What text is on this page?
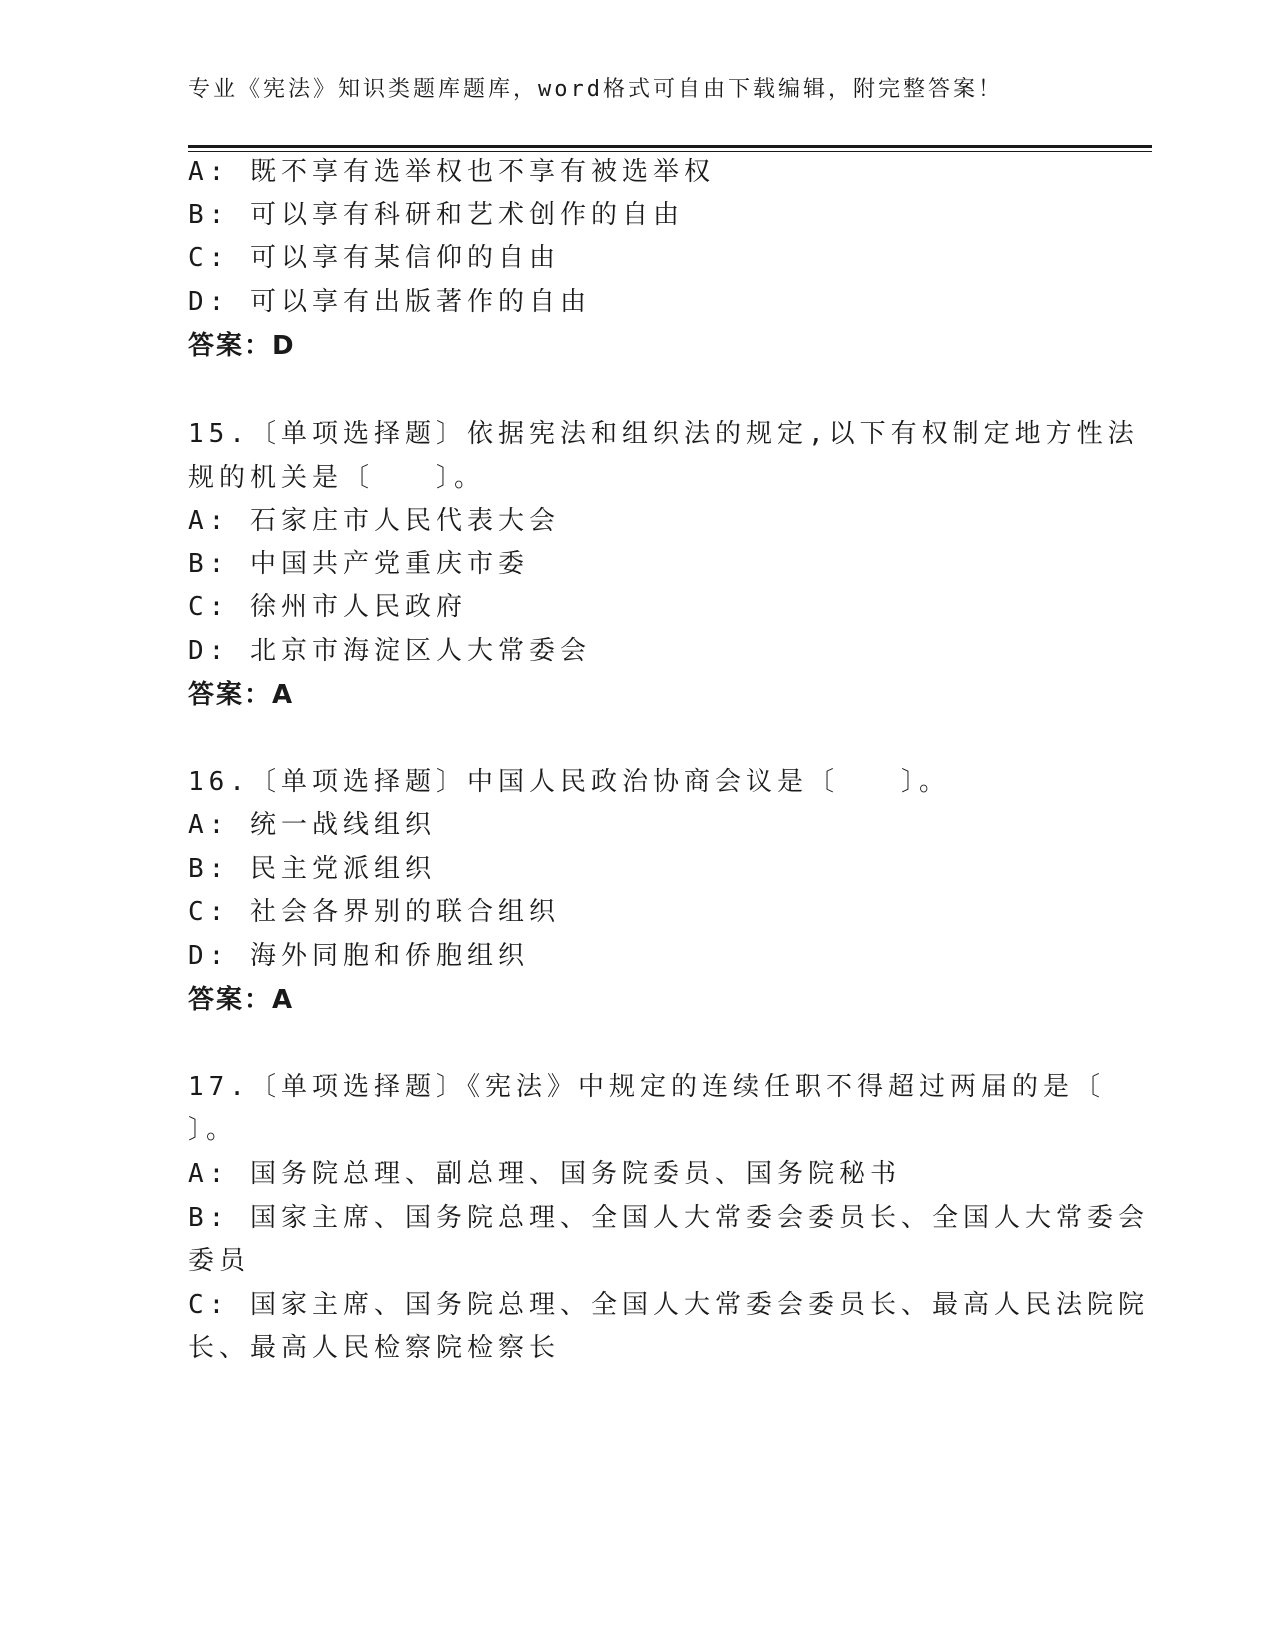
专业《宪法》知识类题库题库，word格式可自由下载编辑，附完整答案！
A: 既不享有选举权也不享有被选举权
B: 可以享有科研和艺术创作的自由
C: 可以享有某信仰的自由
D: 可以享有出版著作的自由
答案：D
15.〔单项选择题〕依据宪法和组织法的规定,以下有权制定地方性法
规的机关是〔　　〕。
A: 石家庄市人民代表大会
B: 中国共产党重庆市委
C: 徐州市人民政府
D: 北京市海淀区人大常委会
答案：A
16.〔单项选择题〕中国人民政治协商会议是〔　　〕。
A: 统一战线组织
B: 民主党派组织
C: 社会各界别的联合组织
D: 海外同胞和侨胞组织
答案：A
17.〔单项选择题〕《宪法》中规定的连续任职不得超过两届的是〔
〕。
A: 国务院总理、副总理、国务院委员、国务院秘书
B: 国家主席、国务院总理、全国人大常委会委员长、全国人大常委会
委员
C: 国家主席、国务院总理、全国人大常委会委员长、最高人民法院院
长、最高人民检察院检察长
